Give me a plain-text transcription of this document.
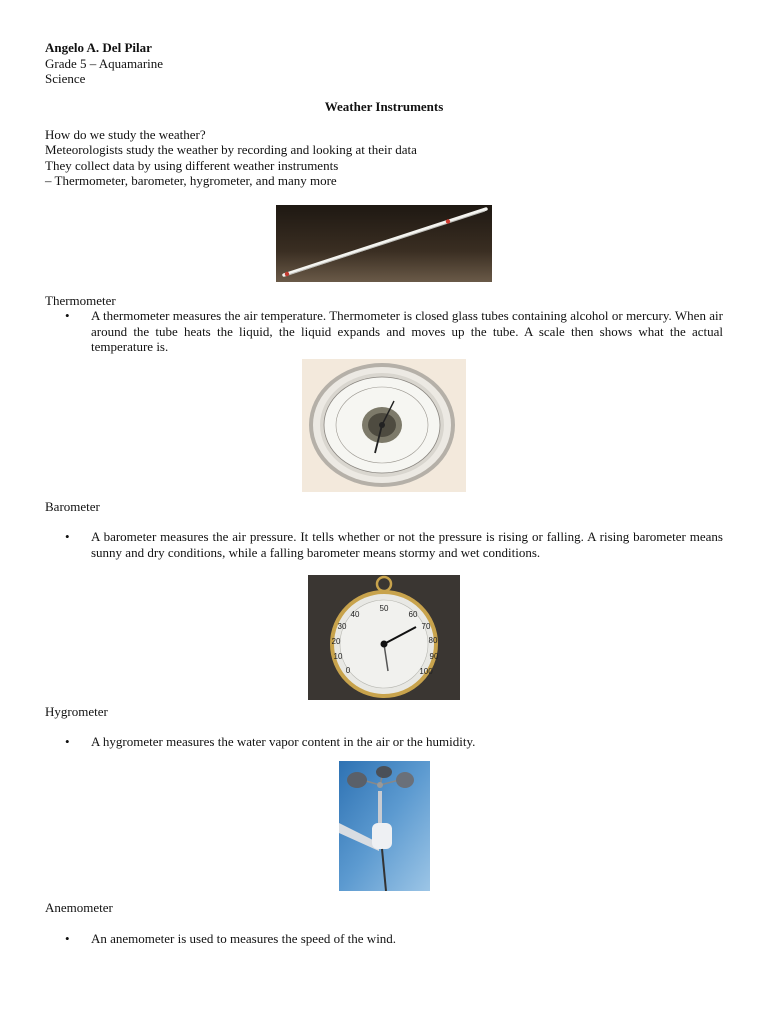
Angelo A. Del Pilar
Grade 5 – Aquamarine
Science
Weather Instruments
How do we study the weather?
Meteorologists study the weather by recording and looking at their data
They collect data by using different weather instruments
– Thermometer, barometer, hygrometer, and many more
Thermometer
• A thermometer measures the air temperature. Thermometer is closed glass tubes containing alcohol or mercury. When air around the tube heats the liquid, the liquid expands and moves up the tube. A scale then shows what the actual temperature is.
Barometer
• A barometer measures the air pressure. It tells whether or not the pressure is rising or falling. A rising barometer means sunny and dry conditions, while a falling barometer means stormy and wet conditions.
50
60
70
80
90
100
40
30
20
10
0
Hygrometer
• A hygrometer measures the water vapor content in the air or the humidity.
Anemometer
• An anemometer is used to measures the speed of the wind.
